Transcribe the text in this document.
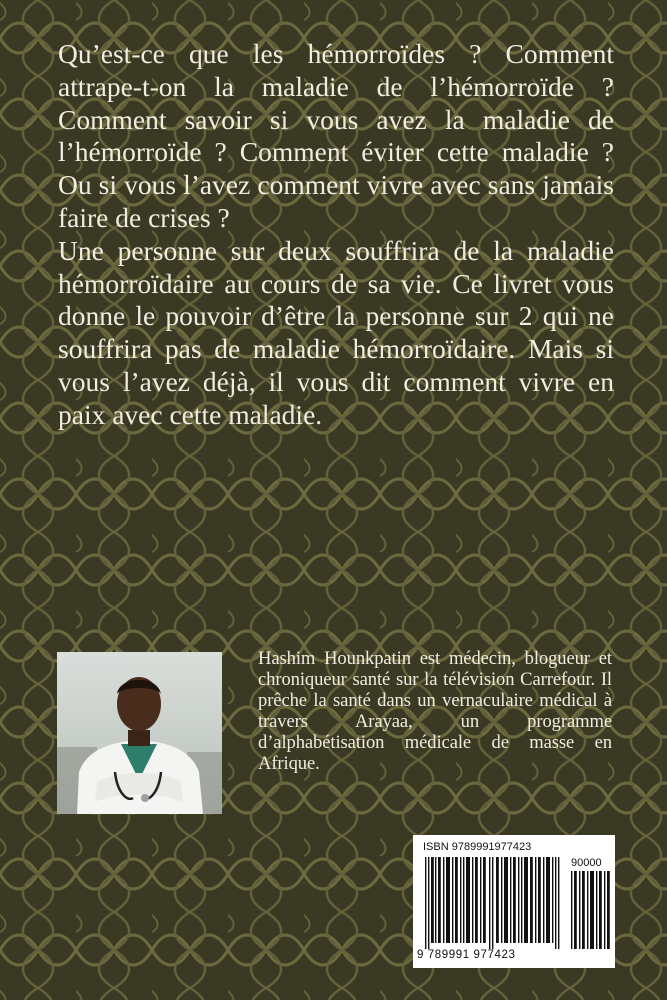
Qu’est-ce que les hémorroïdes ? Comment attrape-t-on la maladie de l’hémorroïde ? Comment savoir si vous avez la maladie de l’hémorroïde ? Comment éviter cette maladie ? Ou si vous l’avez comment vivre avec sans jamais faire de crises ?

Une personne sur deux souffrira de la maladie hémorroïdaire au cours de sa vie. Ce livret vous donne le pouvoir d’être la personne sur 2 qui ne souffrira pas de maladie hémorroïdaire. Mais si vous l’avez déjà, il vous dit comment vivre en paix avec cette maladie.

Hashim Hounkpatin est médecin, blogueur et chroniqueur santé sur la télévision Carrefour. Il prêche la santé dans un vernaculaire médical à travers Arayaa, un programme d’alphabétisation médicale de masse en Afrique.

ISBN 9789991977423
90000
9 789991 977423
